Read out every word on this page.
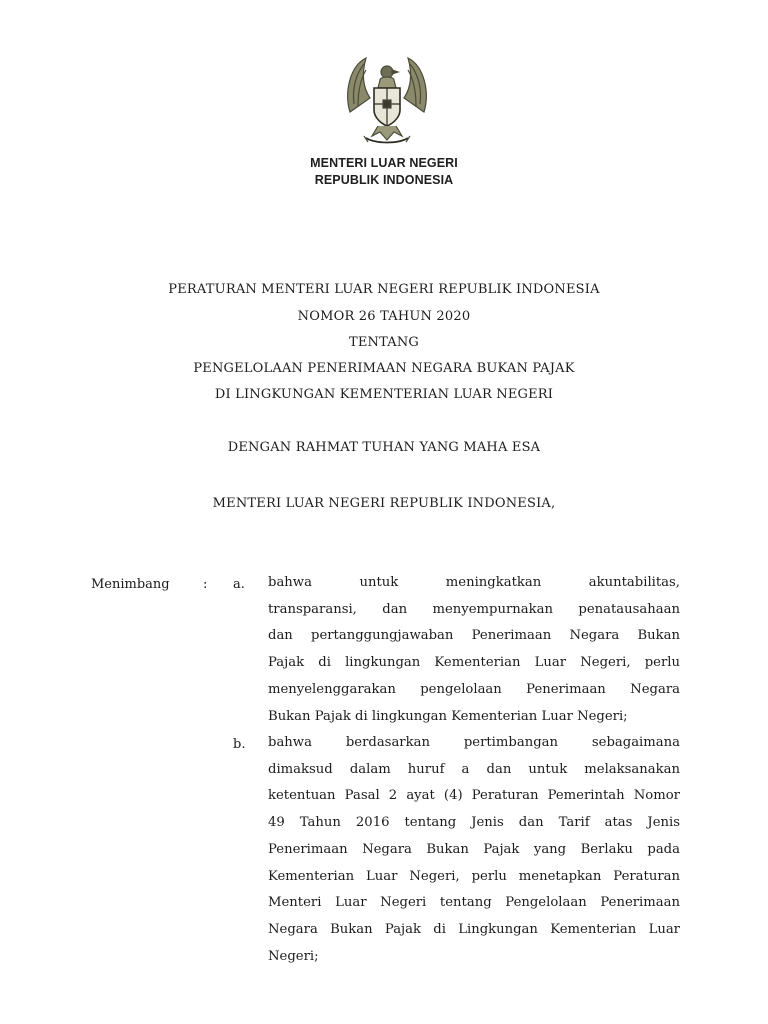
MENTERI LUAR NEGERI
REPUBLIK INDONESIA
PERATURAN MENTERI LUAR NEGERI REPUBLIK INDONESIA
NOMOR 26 TAHUN 2020
TENTANG
PENGELOLAAN PENERIMAAN NEGARA BUKAN PAJAK
DI LINGKUNGAN KEMENTERIAN LUAR NEGERI
DENGAN RAHMAT TUHAN YANG MAHA ESA
MENTERI LUAR NEGERI REPUBLIK INDONESIA,
Menimbang	: a. bahwa untuk meningkatkan akuntabilitas,
transparansi, dan menyempurnakan penatausahaan
dan pertanggungjawaban Penerimaan Negara Bukan
Pajak di lingkungan Kementerian Luar Negeri, perlu
menyelenggarakan pengelolaan Penerimaan Negara
Bukan Pajak di lingkungan Kementerian Luar Negeri;
b. bahwa berdasarkan pertimbangan sebagaimana
dimaksud dalam huruf a dan untuk melaksanakan
ketentuan Pasal 2 ayat (4) Peraturan Pemerintah Nomor
49 Tahun 2016 tentang Jenis dan Tarif atas Jenis
Penerimaan Negara Bukan Pajak yang Berlaku pada
Kementerian Luar Negeri, perlu menetapkan Peraturan
Menteri Luar Negeri tentang Pengelolaan Penerimaan
Negara Bukan Pajak di Lingkungan Kementerian Luar
Negeri;
